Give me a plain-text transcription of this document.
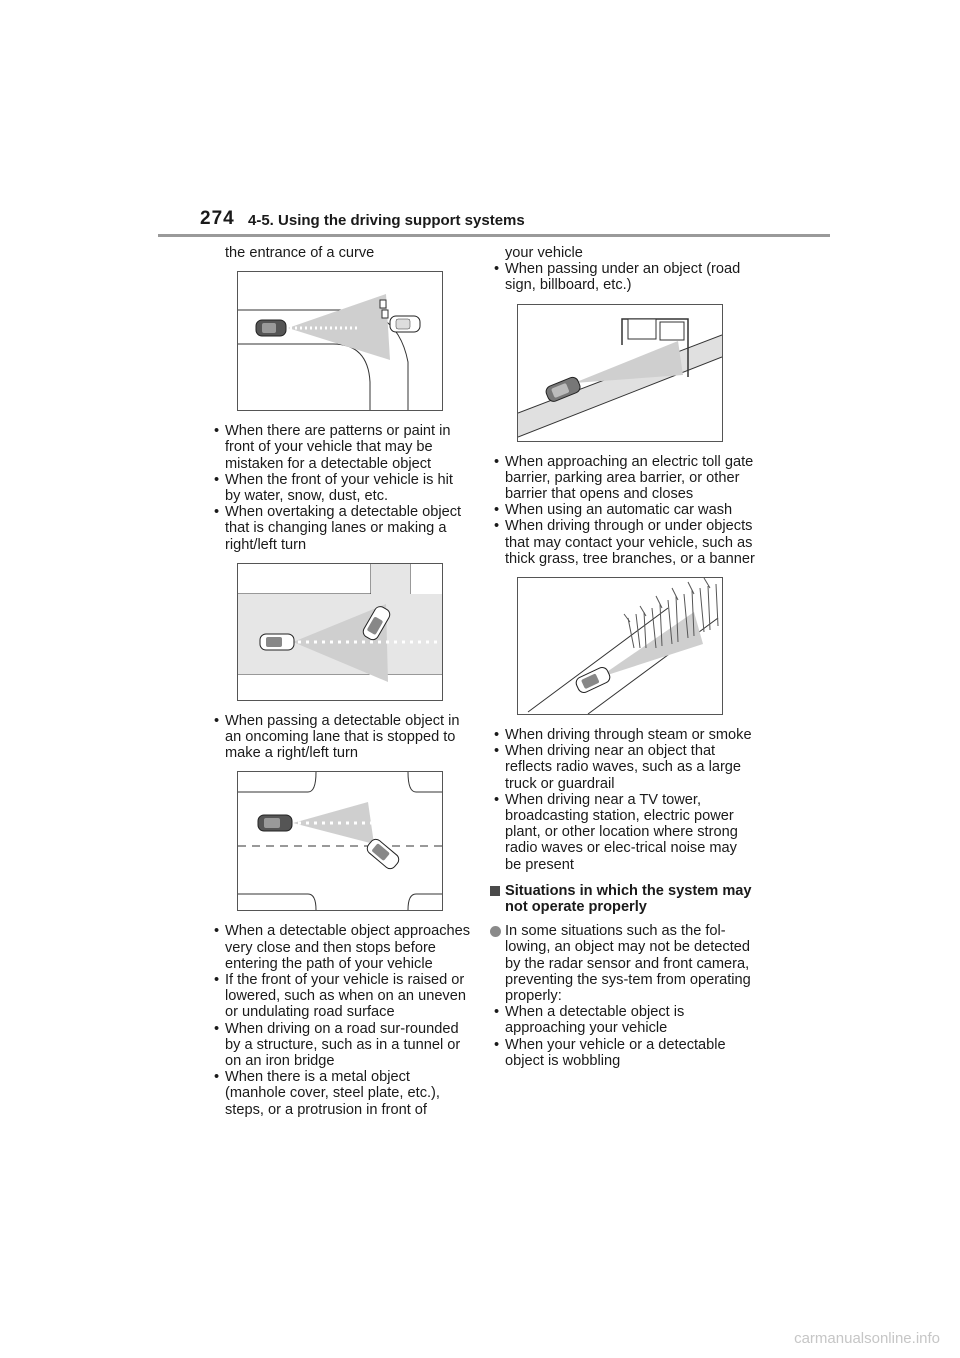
274 4-5. Using the driving support systems

the entrance of a curve

• When there are patterns or paint in front of your vehicle that may be mistaken for a detectable object

• When the front of your vehicle is hit by water, snow, dust, etc.

• When overtaking a detectable object that is changing lanes or making a right/left turn

• When passing a detectable object in an oncoming lane that is stopped to make a right/left turn

• When a detectable object approaches very close and then stops before entering the path of your vehicle

• If the front of your vehicle is raised or lowered, such as when on an uneven or undulating road surface

• When driving on a road sur-rounded by a structure, such as in a tunnel or on an iron bridge

• When there is a metal object (manhole cover, steel plate, etc.), steps, or a protrusion in front of

your vehicle

• When passing under an object (road sign, billboard, etc.)

• When approaching an electric toll gate barrier, parking area barrier, or other barrier that opens and closes

• When using an automatic car wash

• When driving through or under objects that may contact your vehicle, such as thick grass, tree branches, or a banner

• When driving through steam or smoke

• When driving near an object that reflects radio waves, such as a large truck or guardrail

• When driving near a TV tower, broadcasting station, electric power plant, or other location where strong radio waves or elec-trical noise may be present

Situations in which the system may not operate properly

In some situations such as the fol-lowing, an object may not be detected by the radar sensor and front camera, preventing the sys-tem from operating properly:

• When a detectable object is approaching your vehicle

• When your vehicle or a detectable object is wobbling

carmanualsonline.info
